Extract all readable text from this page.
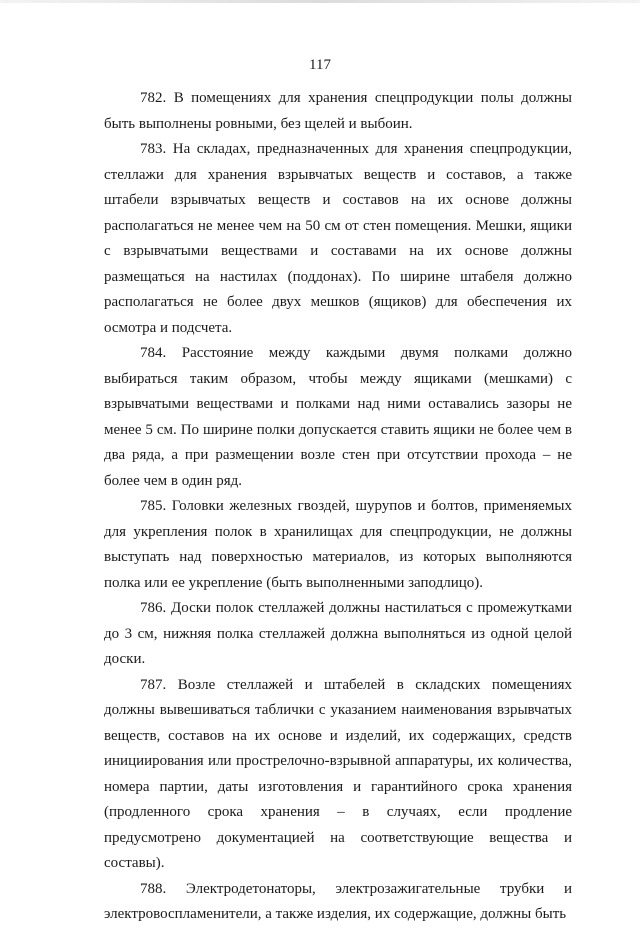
117

782. В помещениях для хранения спецпродукции полы должны быть выполнены ровными, без щелей и выбоин.

783. На складах, предназначенных для хранения спецпродукции, стеллажи для хранения взрывчатых веществ и составов, а также штабели взрывчатых веществ и составов на их основе должны располагаться не менее чем на 50 см от стен помещения. Мешки, ящики с взрывчатыми веществами и составами на их основе должны размещаться на настилах (поддонах). По ширине штабеля должно располагаться не более двух мешков (ящиков) для обеспечения их осмотра и подсчета.

784. Расстояние между каждыми двумя полками должно выбираться таким образом, чтобы между ящиками (мешками) с взрывчатыми веществами и полками над ними оставались зазоры не менее 5 см. По ширине полки допускается ставить ящики не более чем в два ряда, а при размещении возле стен при отсутствии прохода – не более чем в один ряд.

785. Головки железных гвоздей, шурупов и болтов, применяемых для укрепления полок в хранилищах для спецпродукции, не должны выступать над поверхностью материалов, из которых выполняются полка или ее укрепление (быть выполненными заподлицо).

786. Доски полок стеллажей должны настилаться с промежутками до 3 см, нижняя полка стеллажей должна выполняться из одной целой доски.

787. Возле стеллажей и штабелей в складских помещениях должны вывешиваться таблички с указанием наименования взрывчатых веществ, составов на их основе и изделий, их содержащих, средств инициирования или прострелочно-взрывной аппаратуры, их количества, номера партии, даты изготовления и гарантийного срока хранения (продленного срока хранения – в случаях, если продление предусмотрено документацией на соответствующие вещества и составы).

788. Электродетонаторы, электрозажигательные трубки и электровоспламенители, а также изделия, их содержащие, должны быть
